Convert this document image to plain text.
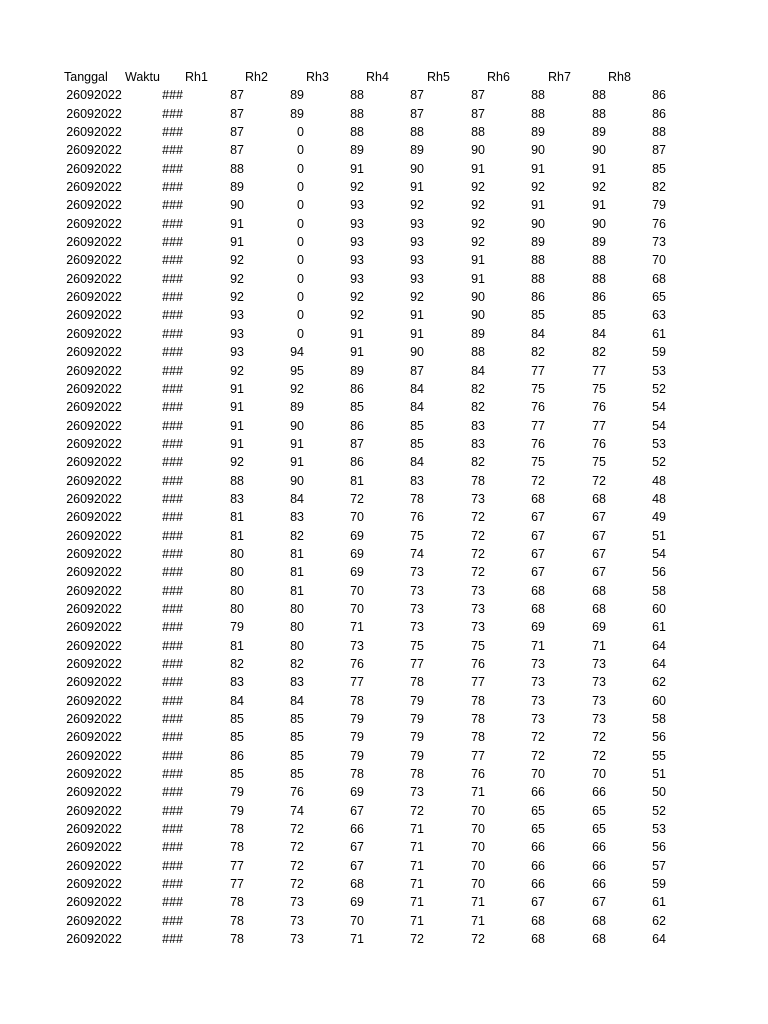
Tanggal Waktu Rh1	Rh2	Rh3	Rh4	Rh5	Rh6	Rh7	Rh8
26092022	###	87	89	88	87	87	88	88	86
26092022	###	87	89	88	87	87	88	88	86
26092022	###	87	0	88	88	88	89	89	88
26092022	###	87	0	89	89	90	90	90	87
26092022	###	88	0	91	90	91	91	91	85
26092022	###	89	0	92	91	92	92	92	82
26092022	###	90	0	93	92	92	91	91	79
26092022	###	91	0	93	93	92	90	90	76
26092022	###	91	0	93	93	92	89	89	73
26092022	###	92	0	93	93	91	88	88	70
26092022	###	92	0	93	93	91	88	88	68
26092022	###	92	0	92	92	90	86	86	65
26092022	###	93	0	92	91	90	85	85	63
26092022	###	93	0	91	91	89	84	84	61
26092022	###	93	94	91	90	88	82	82	59
26092022	###	92	95	89	87	84	77	77	53
26092022	###	91	92	86	84	82	75	75	52
26092022	###	91	89	85	84	82	76	76	54
26092022	###	91	90	86	85	83	77	77	54
26092022	###	91	91	87	85	83	76	76	53
26092022	###	92	91	86	84	82	75	75	52
26092022	###	88	90	81	83	78	72	72	48
26092022	###	83	84	72	78	73	68	68	48
26092022	###	81	83	70	76	72	67	67	49
26092022	###	81	82	69	75	72	67	67	51
26092022	###	80	81	69	74	72	67	67	54
26092022	###	80	81	69	73	72	67	67	56
26092022	###	80	81	70	73	73	68	68	58
26092022	###	80	80	70	73	73	68	68	60
26092022	###	79	80	71	73	73	69	69	61
26092022	###	81	80	73	75	75	71	71	64
26092022	###	82	82	76	77	76	73	73	64
26092022	###	83	83	77	78	77	73	73	62
26092022	###	84	84	78	79	78	73	73	60
26092022	###	85	85	79	79	78	73	73	58
26092022	###	85	85	79	79	78	72	72	56
26092022	###	86	85	79	79	77	72	72	55
26092022	###	85	85	78	78	76	70	70	51
26092022	###	79	76	69	73	71	66	66	50
26092022	###	79	74	67	72	70	65	65	52
26092022	###	78	72	66	71	70	65	65	53
26092022	###	78	72	67	71	70	66	66	56
26092022	###	77	72	67	71	70	66	66	57
26092022	###	77	72	68	71	70	66	66	59
26092022	###	78	73	69	71	71	67	67	61
26092022	###	78	73	70	71	71	68	68	62
26092022	###	78	73	71	72	72	68	68	64
